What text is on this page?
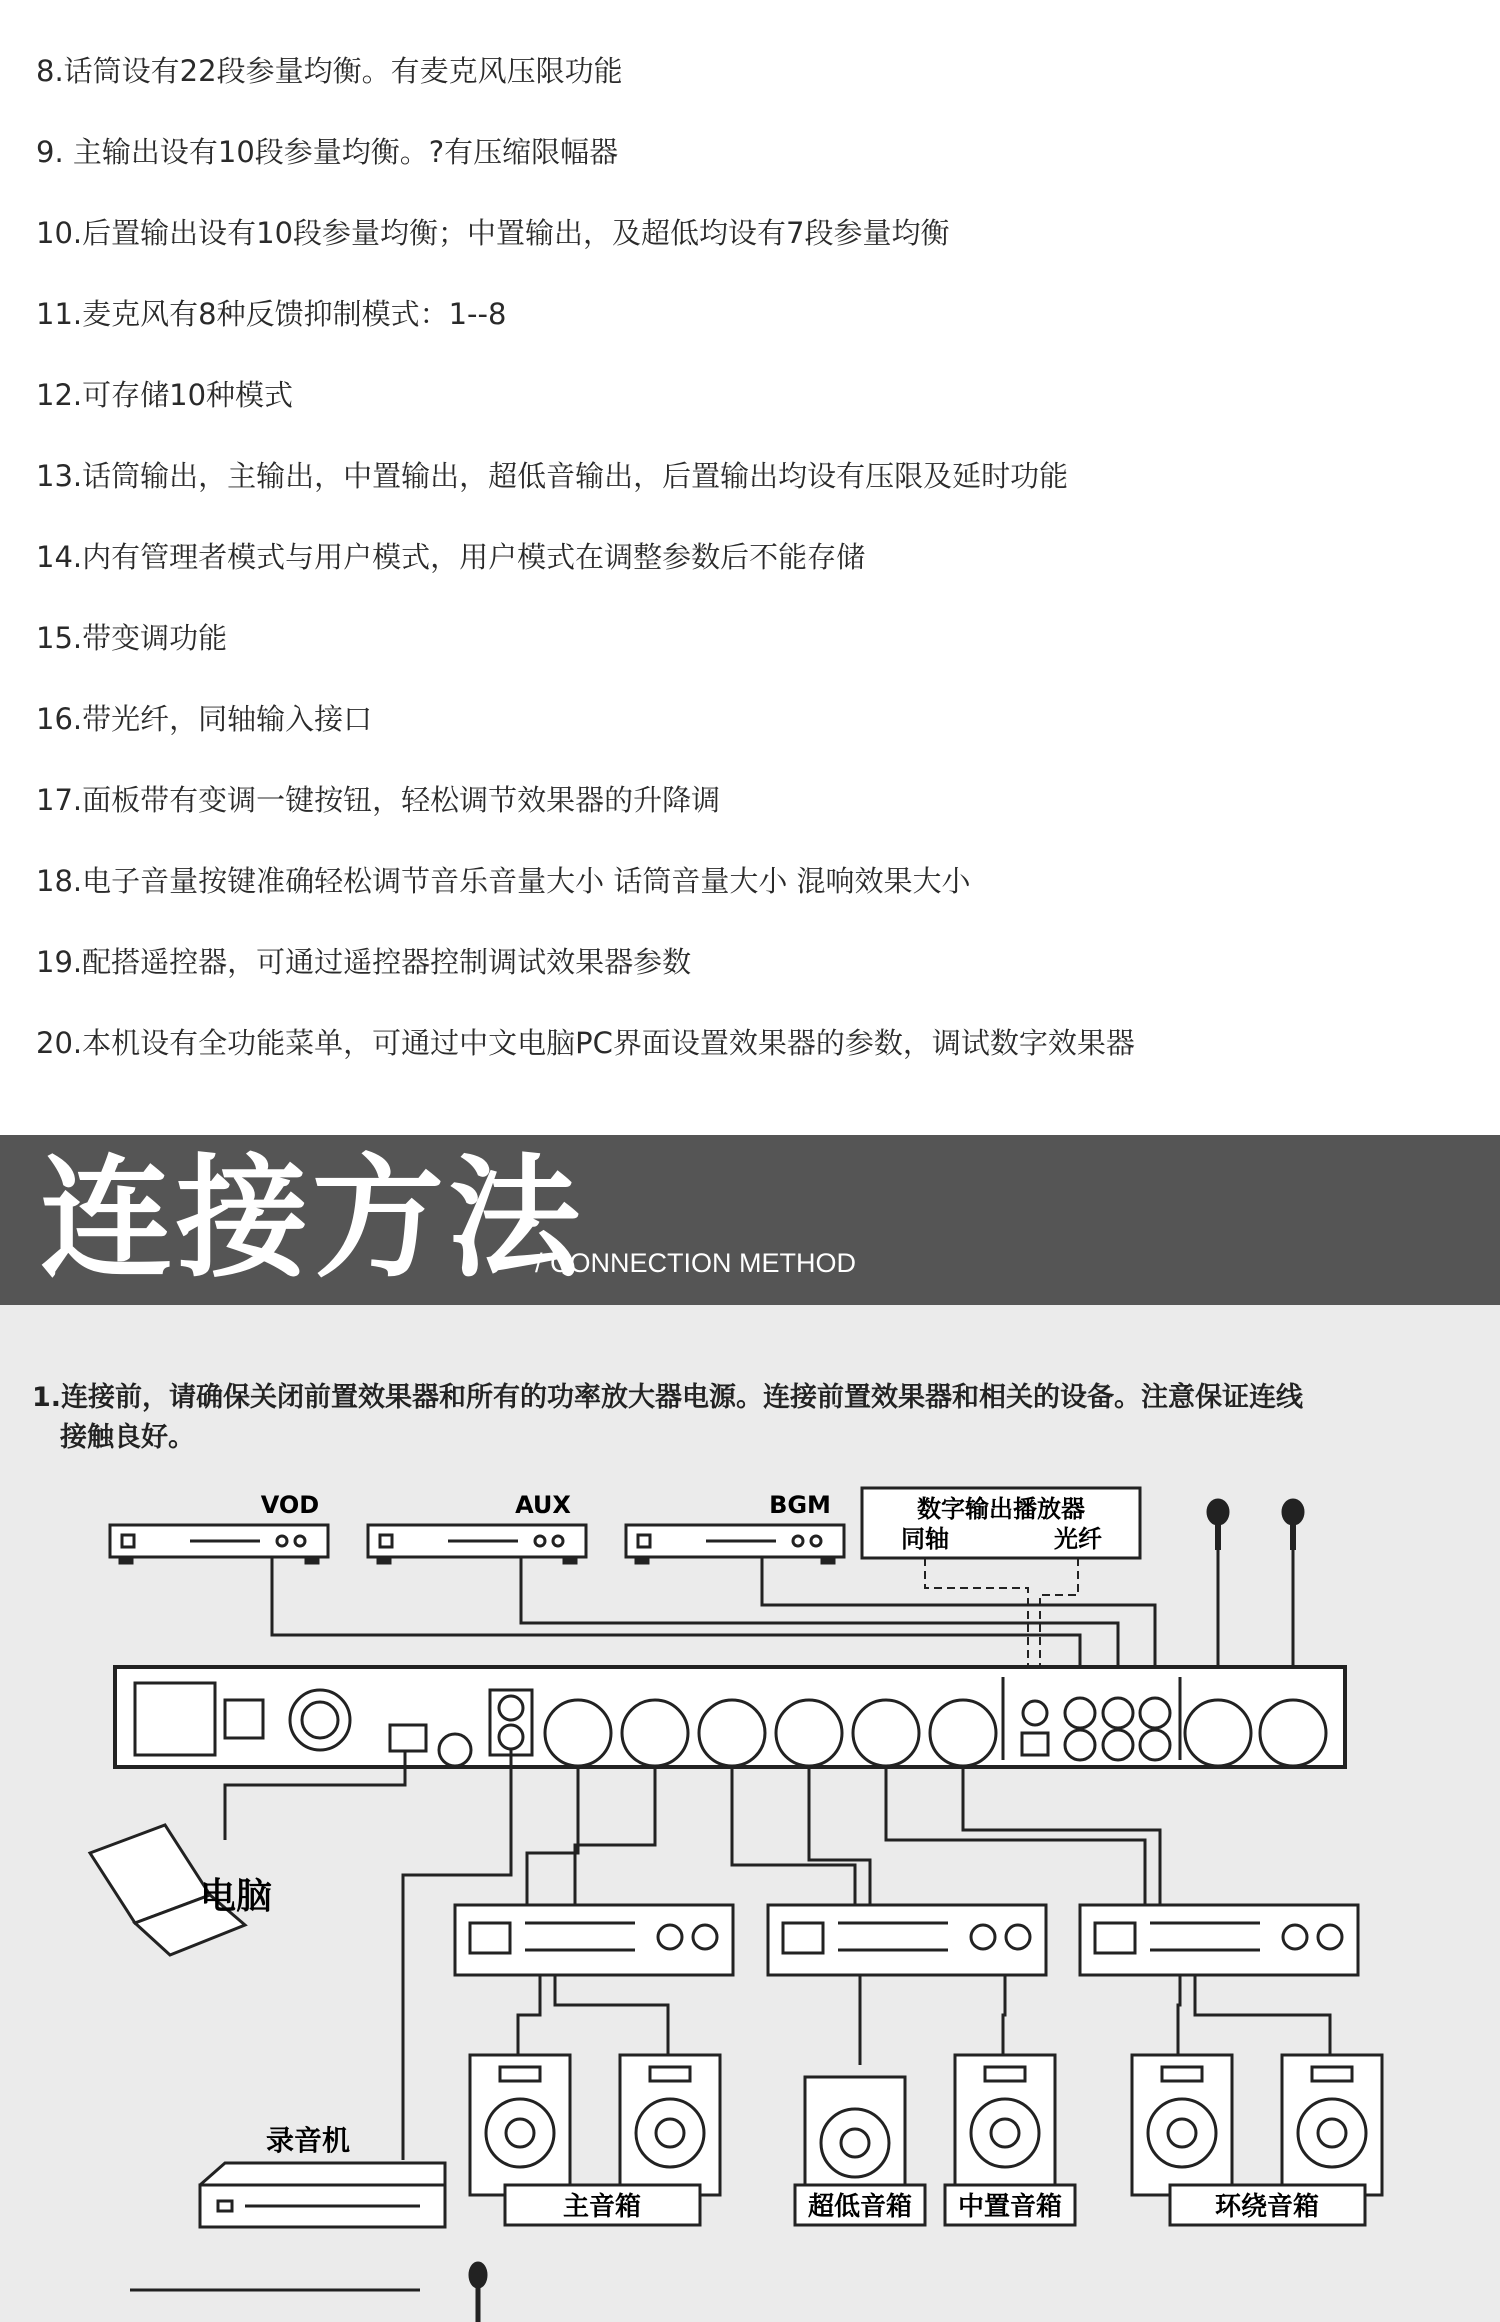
8.话筒设有22段参量均衡。有麦克风压限功能
9. 主输出设有10段参量均衡。?有压缩限幅器
10.后置输出设有10段参量均衡；中置输出，及超低均设有7段参量均衡
11.麦克风有8种反馈抑制模式：1--8
12.可存储10种模式
13.话筒输出，主输出，中置输出，超低音输出，后置输出均设有压限及延时功能
14.内有管理者模式与用户模式，用户模式在调整参数后不能存储
15.带变调功能
16.带光纤，同轴输入接口
17.面板带有变调一键按钮，轻松调节效果器的升降调
18.电子音量按键准确轻松调节音乐音量大小 话筒音量大小 混响效果大小
19.配搭遥控器，可通过遥控器控制调试效果器参数
20.本机设有全功能菜单，可通过中文电脑PC界面设置效果器的参数，调试数字效果器
连接方法
/ CONNECTION METHOD
1.连接前，请确保关闭前置效果器和所有的功率放大器电源。连接前置效果器和相关的设备。注意保证连线
接触良好。
VOD	AUX	BGM	数字输出播放器
同轴	光纤
电脑
录音机
主音箱	超低音箱 中置音箱	环绕音箱
